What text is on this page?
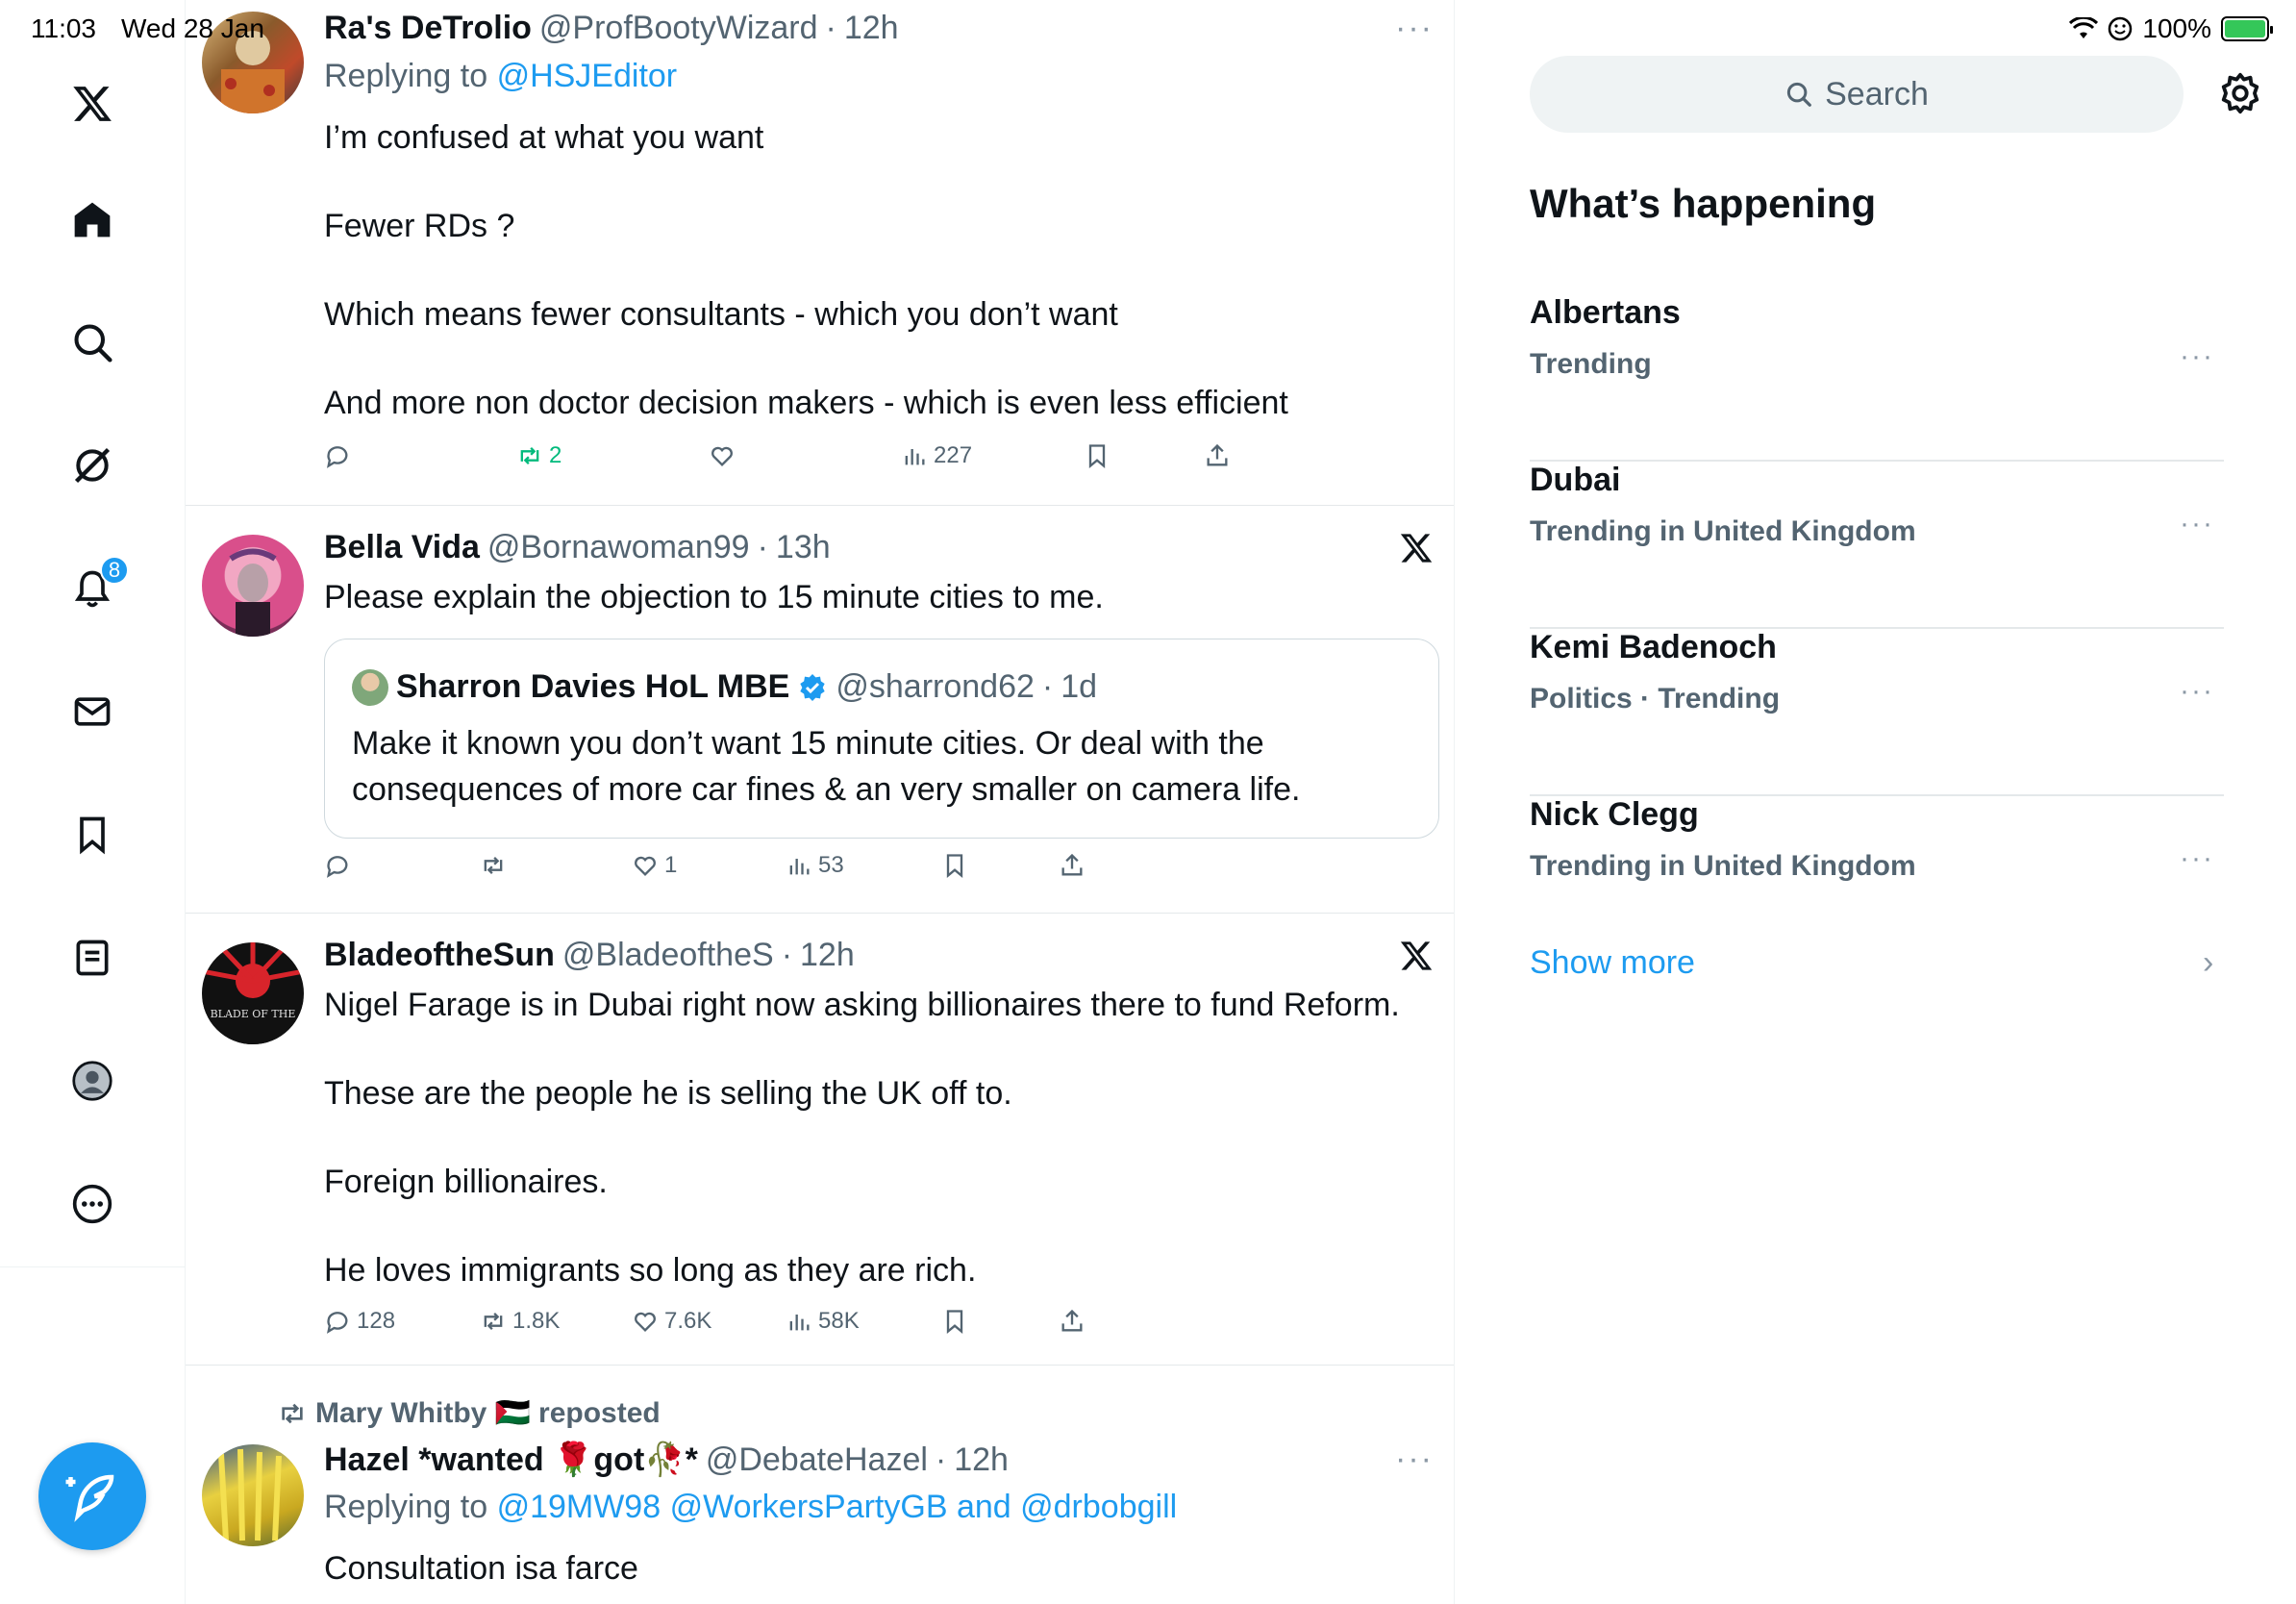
11:03 Wed 28 Jan	100%
8
Ra's DeTrolio @ProfBootyWizard · 12h	···
Replying to @HSJEditor
I’m confused at what you want

Fewer RDs ?

Which means fewer consultants - which you don’t want

And more non doctor decision makers - which is even less efficient
2	227
Bella Vida @Bornawoman99 · 13h
Please explain the objection to 15 minute cities to me.
Sharron Davies HoL MBE @sharrond62 · 1d
Make it known you don’t want 15 minute cities. Or deal with the consequences of more car fines & an very smaller on camera life.
1	53
BLADE OF THE
BladeoftheSun @BladeoftheS · 12h
Nigel Farage is in Dubai right now asking billionaires there to fund Reform.

These are the people he is selling the UK off to.

Foreign billionaires.

He loves immigrants so long as they are rich.
128	1.8K	7.6K	58K
Mary Whitby 🇵🇸 reposted
Hazel *wanted 🌹got🥀* @DebateHazel · 12h	···
Replying to @19MW98 @WorkersPartyGB and @drbobgill
Consultation isa farce
Search
What’s happening
Albertans
Trending	···
Dubai
Trending in United Kingdom	···
Kemi Badenoch
Politics · Trending	···
Nick Clegg
Trending in United Kingdom	···
Show more	›
